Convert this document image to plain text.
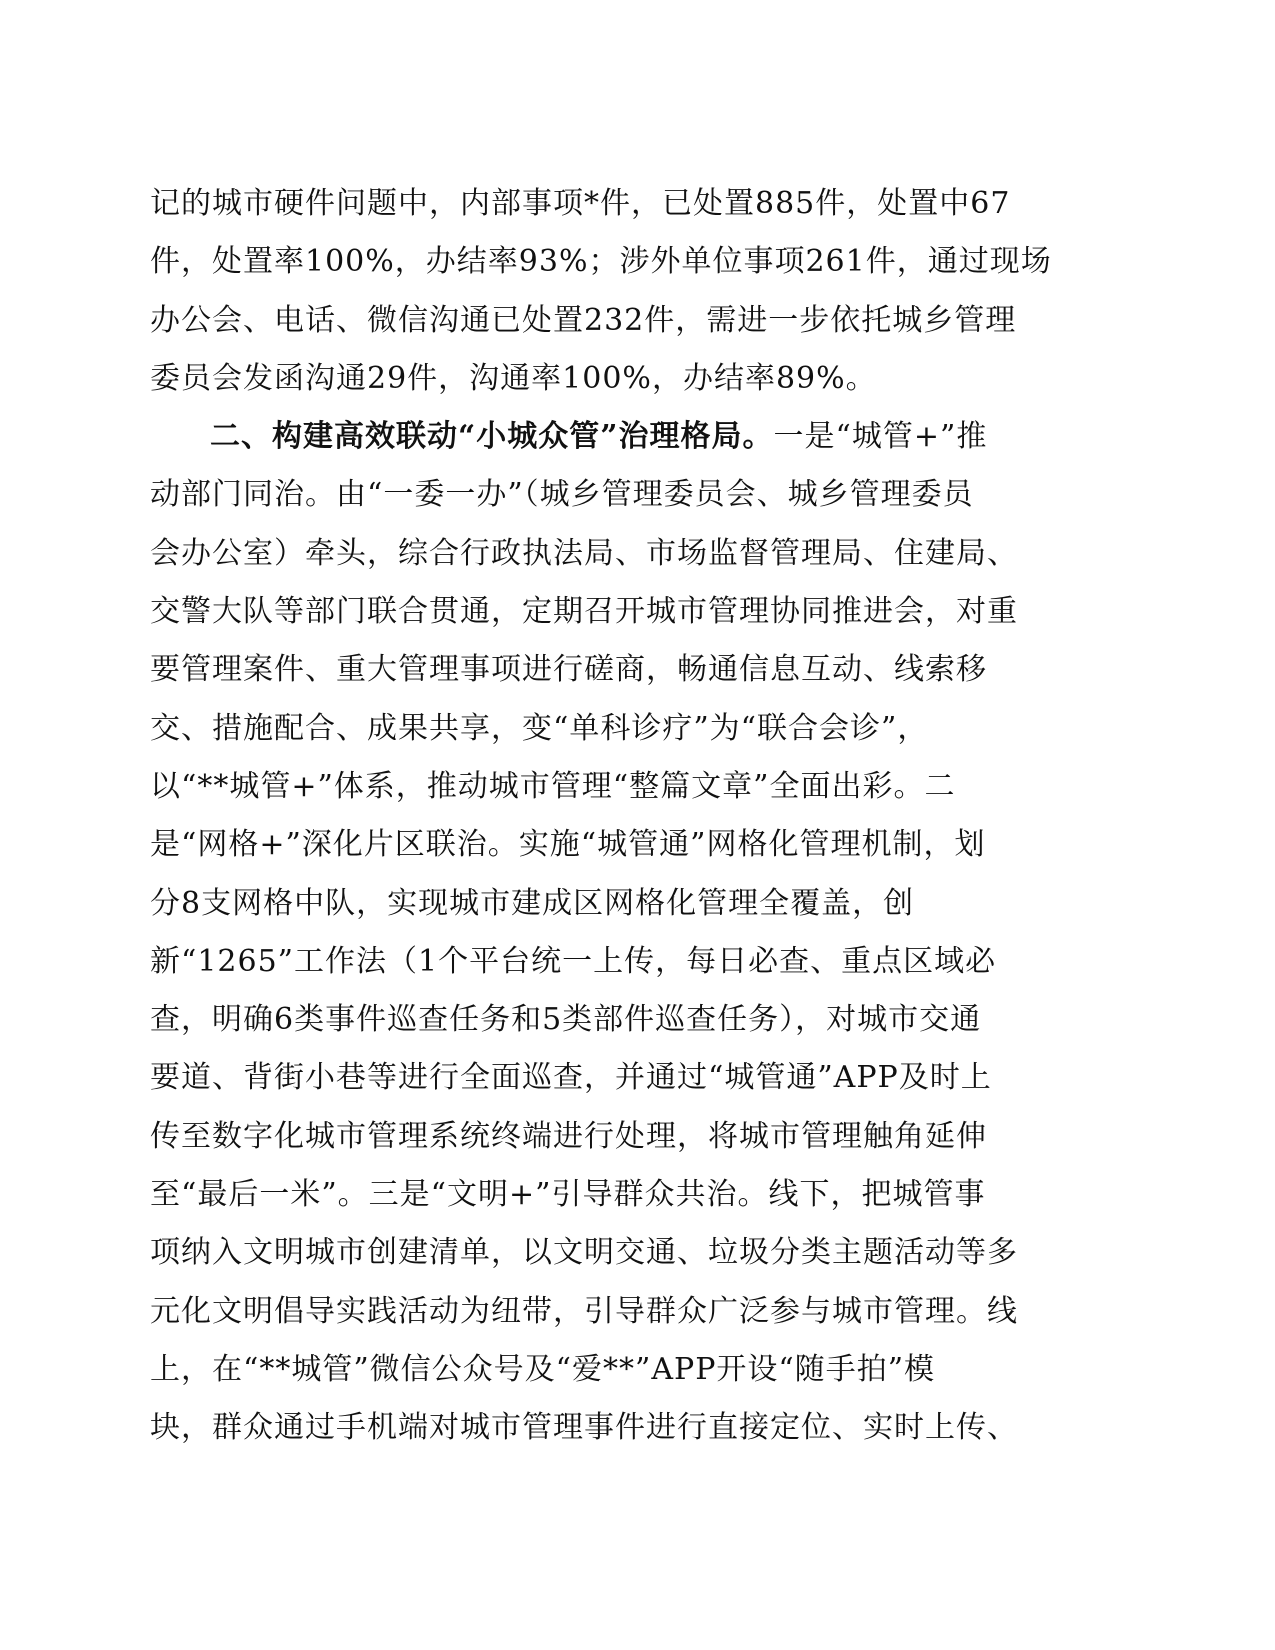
记的城市硬件问题中，内部事项*件，已处置885件，处置中67
件，处置率100%，办结率93%；涉外单位事项261件，通过现场
办公会、电话、微信沟通已处置232件，需进一步依托城乡管理
委员会发函沟通29件，沟通率100%，办结率89%。
二、构建高效联动“小城众管”治理格局。一是“城管+”推
动部门同治。由“一委一办”（城乡管理委员会、城乡管理委员
会办公室）牵头，综合行政执法局、市场监督管理局、住建局、
交警大队等部门联合贯通，定期召开城市管理协同推进会，对重
要管理案件、重大管理事项进行磋商，畅通信息互动、线索移
交、措施配合、成果共享，变“单科诊疗”为“联合会诊”，
以“**城管+”体系，推动城市管理“整篇文章”全面出彩。二
是“网格+”深化片区联治。实施“城管通”网格化管理机制，划
分8支网格中队，实现城市建成区网格化管理全覆盖，创
新“1265”工作法（1个平台统一上传，每日必查、重点区域必
查，明确6类事件巡查任务和5类部件巡查任务），对城市交通
要道、背街小巷等进行全面巡查，并通过“城管通”APP及时上
传至数字化城市管理系统终端进行处理，将城市管理触角延伸
至“最后一米”。三是“文明+”引导群众共治。线下，把城管事
项纳入文明城市创建清单，以文明交通、垃圾分类主题活动等多
元化文明倡导实践活动为纽带，引导群众广泛参与城市管理。线
上，在“**城管”微信公众号及“爱**”APP开设“随手拍”模
块，群众通过手机端对城市管理事件进行直接定位、实时上传、
